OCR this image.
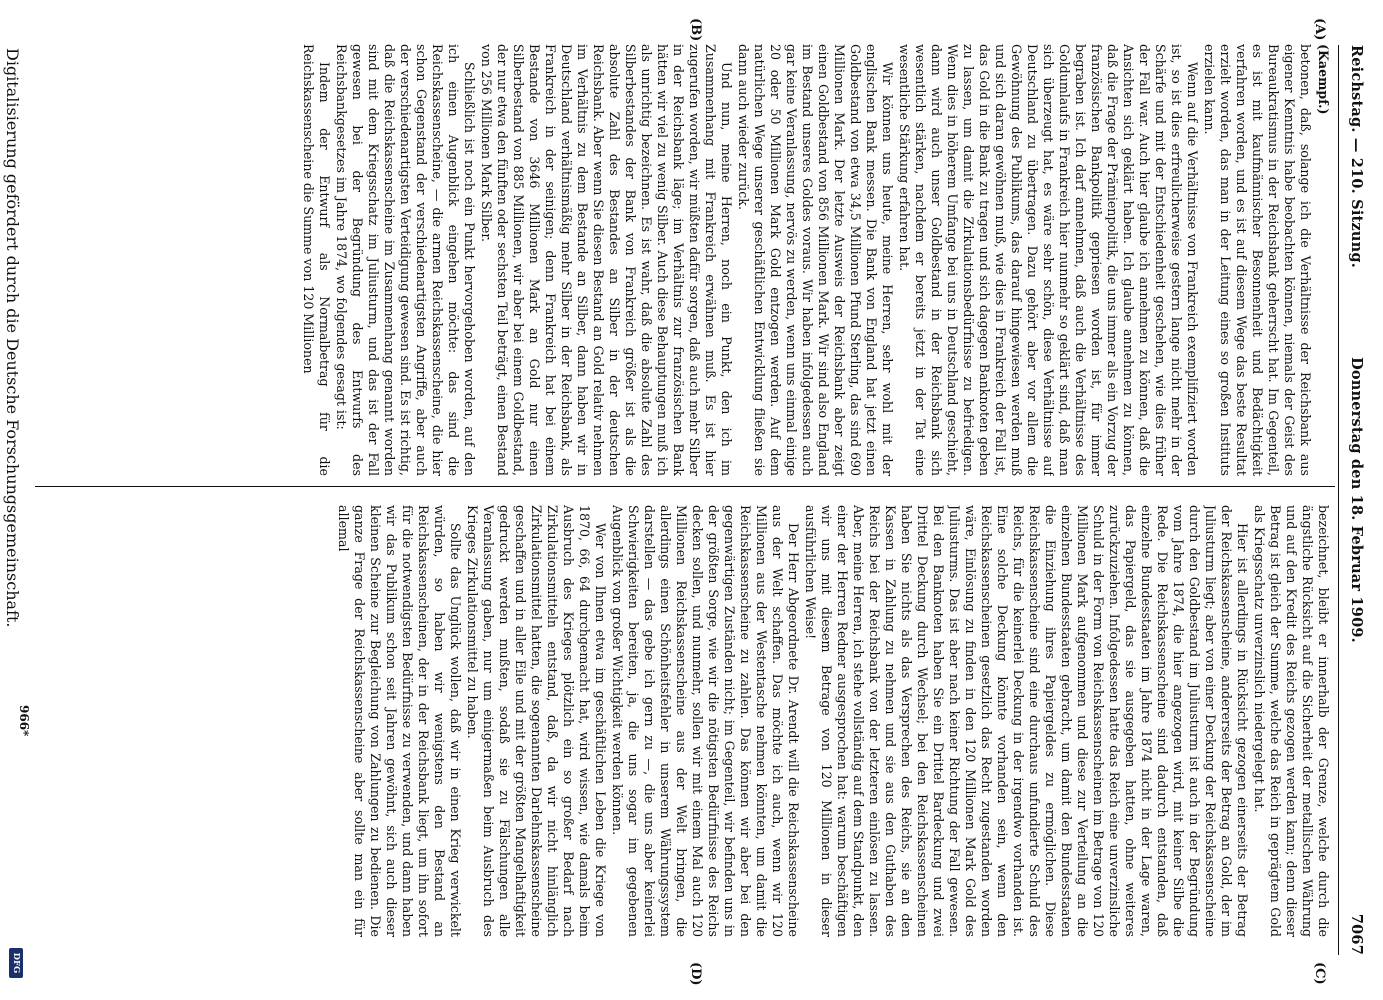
Reichstag. — 210. Sitzung.
Donnerstag den 18. Februar 1909.
7067
(A)
(B)
(C)
(D)
(Kaempf.)

betonen, daß, solange ich die Verhältnisse der Reichsbank aus eigener Kenntnis habe beobachten können, niemals der Geist des Bureaukratismus in der Reichsbank geherrscht hat. Im Gegenteil, es ist mit kaufmännischer Besonnenheit und Bedächtigkeit verfahren worden, und es ist auf diesem Wege das beste Resultat erzielt worden, das man in der Leitung eines so großen Instituts erzielen kann.

Wenn auf die Verhältnisse von Frankreich exemplifiziert worden ist, so ist dies erfreulicherweise gestern lange nicht mehr in der Schärfe und mit der Entschiedenheit geschehen, wie dies früher der Fall war. Auch hier glaube ich annehmen zu können, daß die Ansichten sich geklärt haben. Ich glaube annehmen zu können, daß die Frage der Prämienpolitik, die uns immer als ein Vorzug der französischen Bankpolitik gepriesen worden ist, für immer begraben ist. Ich darf annehmen, daß auch die Verhältnisse des Goldumlaufs in Frankreich hier nunmehr so geklärt sind, daß man sich überzeugt hat, es wäre sehr schön, diese Verhältnisse auf Deutschland zu übertragen. Dazu gehört aber vor allem die Gewöhnung des Publikums, das darauf hingewiesen werden muß und sich daran gewöhnen muß, wie dies in Frankreich der Fall ist, das Gold in die Bank zu tragen und sich dagegen Banknoten geben zu lassen, um damit die Zirkulationsbedürfnisse zu befriedigen. Wenn dies in höherem Umfange bei uns in Deutschland geschieht, dann wird auch unser Goldbestand in der Reichsbank sich wesentlich stärken, nachdem er bereits jetzt in der Tat eine wesentliche Stärkung erfahren hat.

Wir können uns heute, meine Herren, sehr wohl mit der englischen Bank messen. Die Bank von England hat jetzt einen Goldbestand von etwa 34,5 Millionen Pfund Sterling, das sind 690 Millionen Mark. Der letzte Ausweis der Reichsbank aber zeigt einen Goldbestand von 856 Millionen Mark. Wir sind also England im Bestand unseres Goldes voraus. Wir haben infolgedessen auch gar keine Veranlassung, nervös zu werden, wenn uns einmal einige 20 oder 50 Millionen Mark Gold entzogen werden. Auf dem natürlichen Wege unserer geschäftlichen Entwicklung fließen sie dann auch wieder zurück.

Und nun, meine Herren, noch ein Punkt, den ich im Zusammenhang mit Frankreich erwähnen muß. Es ist hier zugerufen worden, wir müßten dafür sorgen, daß auch mehr Silber in der Reichsbank läge; im Verhältnis zur französischen Bank hätten wir viel zu wenig Silber. Auch diese Behauptungen muß ich als unrichtig bezeichnen. Es ist wahr, daß die absolute Zahl des Silberbestandes der Bank von Frankreich größer ist als die absolute Zahl des Bestandes an Silber in der deutschen Reichsbank. Aber wenn Sie diesen Bestand an Gold relativ nehmen im Verhältnis zu dem Bestande an Silber, dann haben wir in Deutschland verhältnismäßig mehr Silber in der Reichsbank, als Frankreich in der seinigen; denn Frankreich hat bei einem Bestande von 3646 Millionen Mark an Gold nur einen Silberbestand von 885 Millionen, wir aber bei einem Goldbestand, der nur etwa den fünften oder sechsten Teil beträgt, einen Bestand von 256 Millionen Mark Silber.

Schließlich ist noch ein Punkt hervorgehoben worden, auf den ich einen Augenblick eingehen möchte: das sind die Reichskassenscheine, — die armen Reichskassenscheine, die hier schon Gegenstand der verschiedenartigsten Angriffe, aber auch der verschiedenartigsten Verteidigung gewesen sind. Es ist richtig, daß die Reichskassenscheine im Zusammenhang genannt worden sind mit dem Kriegsschatz im Juliusturm, und das ist der Fall gewesen bei der Begründung des Entwurfs des Reichsbankgesetzes im Jahre 1874, wo folgendes gesagt ist:

Indem der Entwurf als Normalbetrag für die Reichskassenscheine die Summe von 120 Millionen

bezeichnet, bleibt er innerhalb der Grenze, welche durch die ängstliche Rücksicht auf die Sicherheit der metallischen Währung und auf den Kredit des Reichs gezogen werden kann; denn dieser Betrag ist gleich der Summe, welche das Reich in geprägtem Gold als Kriegsschatz unverzinslich niedergelegt hat.

Hier ist allerdings in Rücksicht gezogen einerseits der Betrag der Reichskassenscheine, andererseits der Betrag an Gold, der im Juliusturm liegt; aber von einer Deckung der Reichskassenscheine durch den Goldbestand im Juliusturm ist auch in der Begründung vom Jahre 1874, die hier angezogen wird, mit keiner Silbe die Rede. Die Reichskassenscheine sind dadurch entstanden, daß einzelne Bundesstaaten im Jahre 1874 nicht in der Lage waren, das Papiergeld, das sie ausgegeben hatten, ohne weiteres zurückzuziehen. Infolgedessen hatte das Reich eine unverzinsliche Schuld in der Form von Reichskassenscheinen im Betrage von 120 Millionen Mark aufgenommen und diese zur Verteilung an die einzelnen Bundesstaaten gebracht, um damit den Bundesstaaten die Einziehung ihres Papiergeldes zu ermöglichen. Diese Reichskassenscheine sind eine durchaus unfundierte Schuld des Reichs, für die keinerlei Deckung in der irgendwo vorhanden ist. Eine solche Deckung könnte vorhanden sein, wenn den Reichskassenscheinen gesetzlich das Recht zugestanden worden wäre, Einlösung zu finden in den 120 Millionen Mark Gold des Juliusturms. Das ist aber nach keiner Richtung der Fall gewesen. Bei den Banknoten haben Sie ein Drittel Bardeckung und zwei Drittel Deckung durch Wechsel; bei den Reichskassenscheinen haben Sie nichts als das Versprechen des Reichs, sie an den Kassen in Zahlung zu nehmen und sie aus den Guthaben des Reichs bei der Reichsbank von der letzteren einlösen zu lassen. Aber, meine Herren, ich stehe vollständig auf dem Standpunkt, den einer der Herren Redner ausgesprochen hat: warum beschäftigen wir uns mit diesem Betrage von 120 Millionen in dieser ausführlichen Weise!

Der Herr Abgeordnete Dr. Arendt will die Reichskassenscheine aus der Welt schaffen. Das möchte ich auch, wenn wir 120 Millionen aus der Westentasche nehmen könnten, um damit die Reichskassenscheine zu zahlen. Das können wir aber bei den gegenwärtigen Zuständen nicht; im Gegenteil, wir befinden uns in der größten Sorge, wie wir die nötigsten Bedürfnisse des Reichs decken sollen, und nunmehr, sollen wir mit einem Mal auch 120 Millionen Reichskassenscheine aus der Welt bringen, die allerdings einen Schönheitsfehler in unserem Währungssystem darstellen — das gebe ich gern zu —, die uns aber keinerlei Schwierigkeiten bereiten, ja, die uns sogar im gegebenen Augenblick von großer Wichtigkeit werden können.

Wer von Ihnen etwa im geschäftlichen Leben die Kriege von 1870, 66, 64 durchgemacht hat, wird wissen, wie damals beim Ausbruch des Krieges plötzlich ein so großer Bedarf nach Zirkulationsmitteln entstand, daß, da wir nicht hinlänglich Zirkulationsmittel hatten, die sogenannten Darlehnskassenscheine geschaffen und in aller Eile und mit der größten Mangelhaftigkeit gedruckt werden mußten, sodaß sie zu Fälschungen alle Veranlassung gaben, nur um einigermaßen beim Ausbruch des Krieges Zirkulationsmittel zu haben.

Sollte das Unglück wollen, daß wir in einen Krieg verwickelt würden, so haben wir wenigstens den Bestand an Reichskassenscheinen, der in der Reichsbank liegt, um ihn sofort für die notwendigsten Bedürfnisse zu verwenden, und dann haben wir das Publikum schon seit Jahren gewöhnt, sich auch dieser kleinen Scheine zur Begleichung von Zahlungen zu bedienen. Die ganze Frage der Reichskassenscheine aber sollte man ein für allemal

966*
Digitalisierung gefördert durch die Deutsche Forschungsgemeinschaft.
DFG
